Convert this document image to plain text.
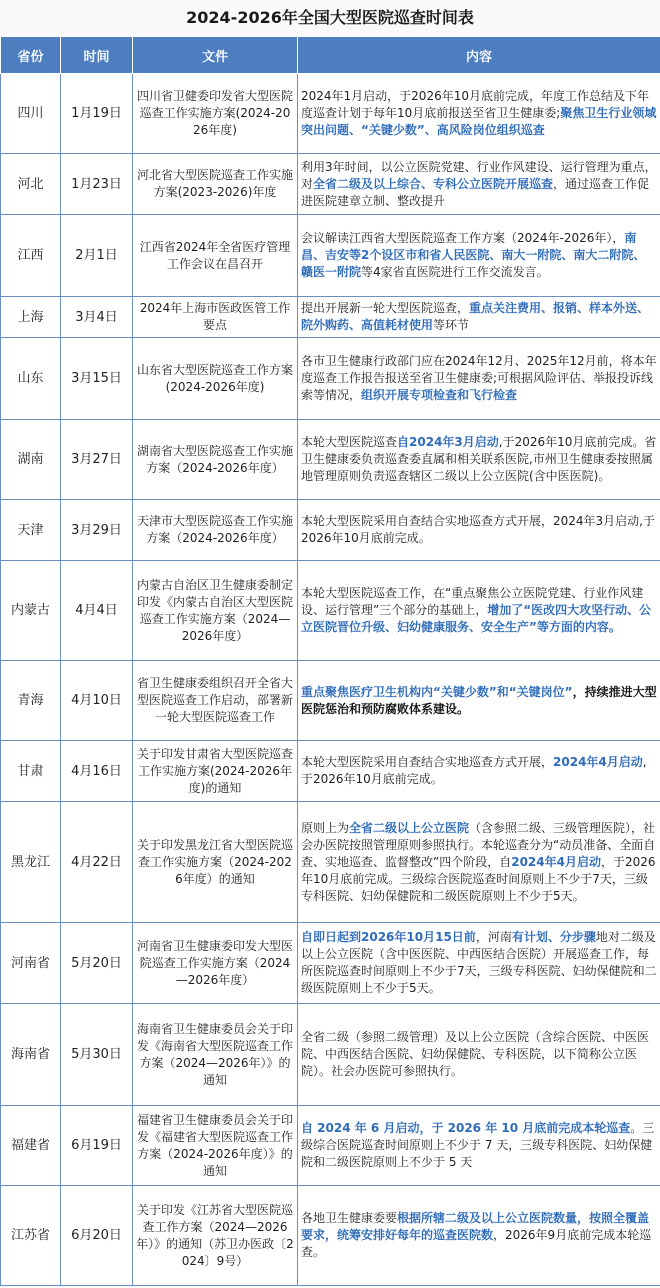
2024-2026年全国大型医院巡查时间表
省份	时间	文件	内容
四川	1月19日	四川省卫健委印发省大型医院巡查工作实施方案(2024-2026年度)	2024年1月启动，于2026年10月底前完成，年度工作总结及下年度巡查计划于每年10月底前报送至省卫生健康委;聚焦卫生行业领域突出问题、“关键少数”、高风险岗位组织巡查
河北	1月23日	河北省大型医院巡查工作实施方案(2023-2026)年度	利用3年时间，以公立医院党建、行业作风建设、运行管理为重点，对全省二级及以上综合、专科公立医院开展巡查，通过巡查工作促进医院建章立制、整改提升
江西	2月1日	江西省2024年全省医疗管理工作会议在昌召开	会议解读江西省大型医院巡查工作方案（2024年-2026年），南昌、吉安等2个设区市和省人民医院、南大一附院、南大二附院、赣医一附院等4家省直医院进行工作交流发言。
上海	3月4日	2024年上海市医政医管工作要点	提出开展新一轮大型医院巡查，重点关注费用、报销、样本外送、院外购药、高值耗材使用等环节
山东	3月15日	山东省大型医院巡查工作方案(2024-2026年度)	各市卫生健康行政部门应在2024年12月、2025年12月前，将本年度巡查工作报告报送至省卫生健康委;可根据风险评估、举报投诉线索等情况，组织开展专项检查和飞行检查
湖南	3月27日	湖南省大型医院巡查工作实施方案（2024-2026年度）	本轮大型医院巡查自2024年3月启动,于2026年10月底前完成。省卫生健康委负责巡查委直属和相关联系医院,市州卫生健康委按照属地管理原则负责巡查辖区二级以上公立医院(含中医医院)。
天津	3月29日	天津市大型医院巡查工作实施方案（2024-2026年度）	本轮大型医院采用自查结合实地巡查方式开展，2024年3月启动,于2026年10月底前完成。
内蒙古	4月4日	内蒙古自治区卫生健康委制定印发《内蒙古自治区大型医院巡查工作实施方案（2024—2026年度）	本轮大型医院巡查工作，在“重点聚焦公立医院党建、行业作风建设、运行管理”三个部分的基础上，增加了“医改四大攻坚行动、公立医院晋位升级、妇幼健康服务、安全生产”等方面的内容。
青海	4月10日	省卫生健康委组织召开全省大型医院巡查工作启动，部署新一轮大型医院巡查工作	重点聚焦医疗卫生机构内“关键少数”和“关键岗位”，持续推进大型医院惩治和预防腐败体系建设。
甘肃	4月16日	关于印发甘肃省大型医院巡查工作实施方案(2024-2026年度)的通知	本轮大型医院采用自查结合实地巡查方式开展，2024年4月启动,于2026年10月底前完成。
黑龙江	4月22日	关于印发黑龙江省大型医院巡查工作实施方案（2024-2026年度）的通知	原则上为全省二级以上公立医院（含参照二级、三级管理医院），社会办医院按照管理原则参照执行。本轮巡查分为“动员准备、全面自查、实地巡查、监督整改”四个阶段，自2024年4月启动，于2026年10月底前完成。三级综合医院巡查时间原则上不少于7天，三级专科医院、妇幼保健院和二级医院原则上不少于5天。
河南省	5月20日	河南省卫生健康委印发大型医院巡查工作实施方案（2024—2026年度）	自即日起到2026年10月15日前，河南有计划、分步骤地对二级及以上公立医院（含中医医院、中西医结合医院）开展巡查工作，每所医院巡查时间原则上不少于7天，三级专科医院、妇幼保健院和二级医院原则上不少于5天。
海南省	5月30日	海南省卫生健康委员会关于印发《海南省大型医院巡查工作方案（2024—2026年）》的通知	全省二级（参照二级管理）及以上公立医院（含综合医院、中医医院、中西医结合医院、妇幼保健院、专科医院，以下简称公立医院）。社会办医院可参照执行。
福建省	6月19日	福建省卫生健康委员会关于印发《福建省大型医院巡查工作方案（2024-2026年度）》的通知	自 2024 年 6 月启动，于 2026 年 10 月底前完成本轮巡查。三级综合医院巡查时间原则上不少于 7 天，三级专科医院、妇幼保健院和二级医院原则上不少于 5 天
江苏省	6月20日	关于印发《江苏省大型医院巡查工作方案（2024—2026年）》的通知（苏卫办医政〔2024〕9号）	各地卫生健康委要根据所辖二级及以上公立医院数量，按照全覆盖要求，统筹安排好每年的巡查医院数，2026年9月底前完成本轮巡查。
